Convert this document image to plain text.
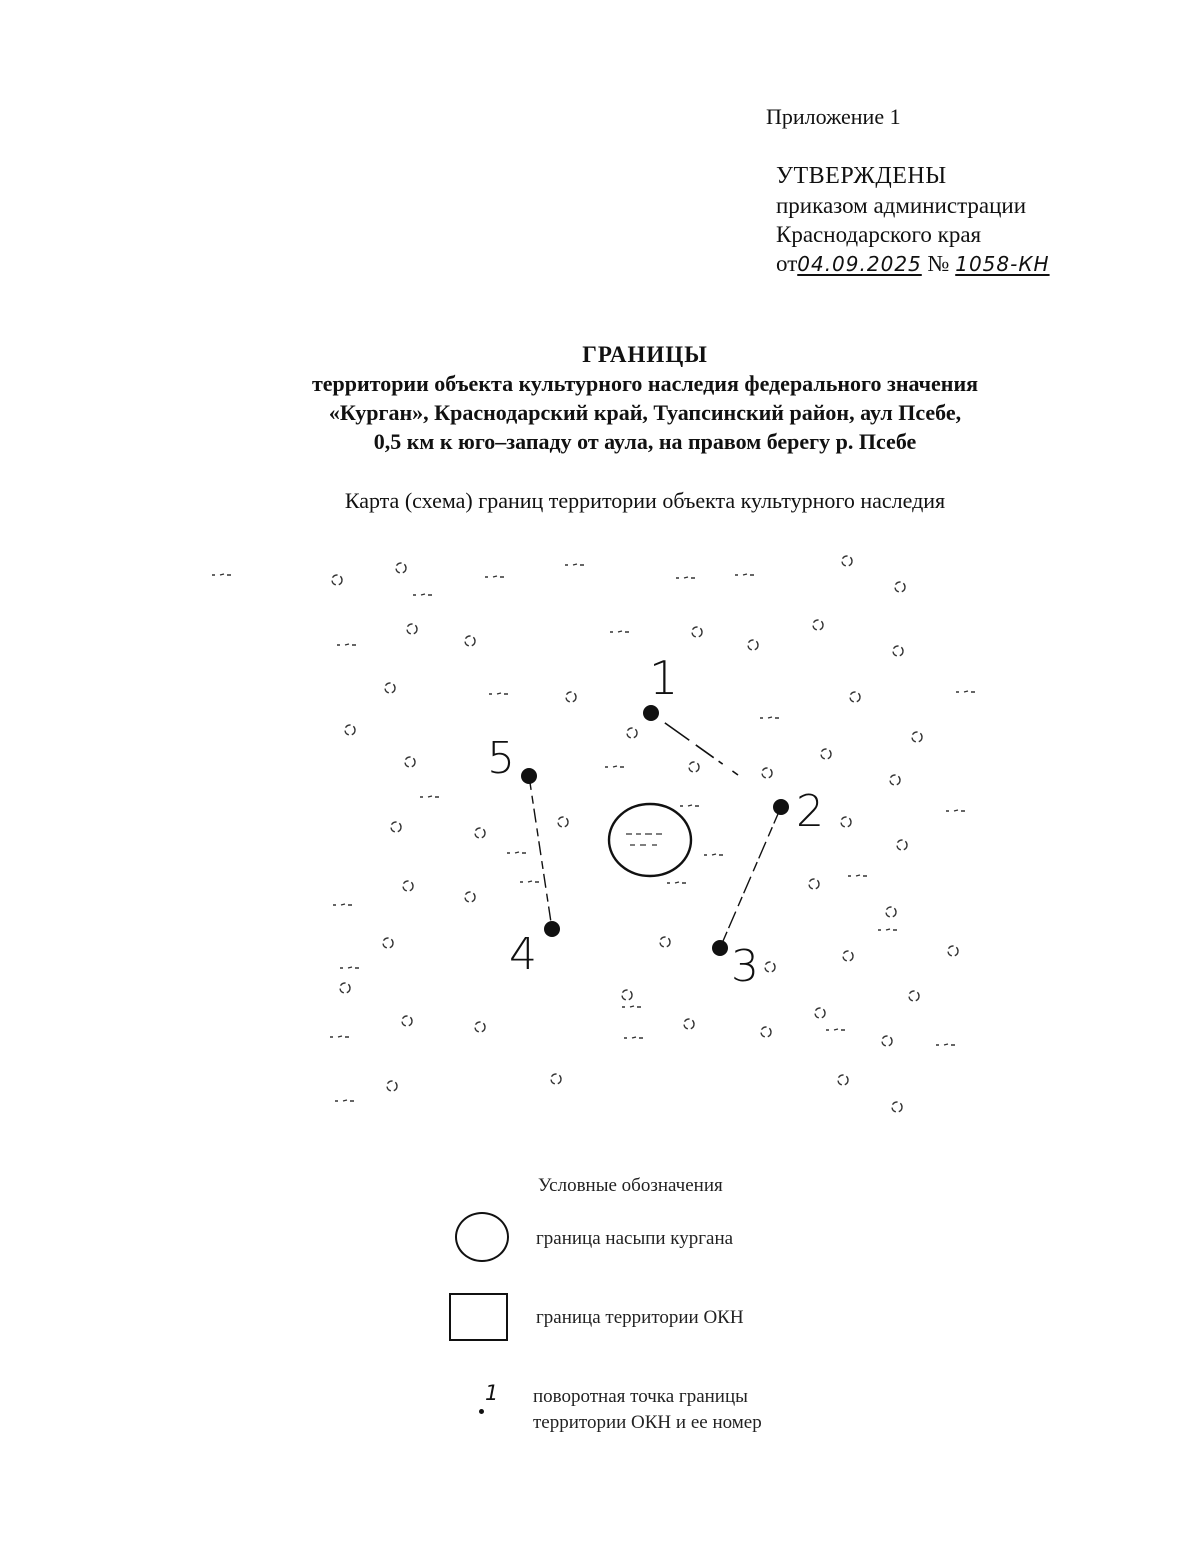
Приложение 1
УТВЕРЖДЕНЫ
приказом администрации
Краснодарского края
от04.09.2025 № 1058-КН
ГРАНИЦЫ
территории объекта культурного наследия федерального значения
«Курган», Краснодарский край, Туапсинский район, аул Псебе,
0,5 км к юго–западу от аула, на правом берегу р. Псебе
Карта (схема) границ территории объекта культурного наследия
1
2
3
4
5
Условные обозначения
граница насыпи кургана
граница территории ОКН
1 поворотная точка границы
территории ОКН и ее номер
